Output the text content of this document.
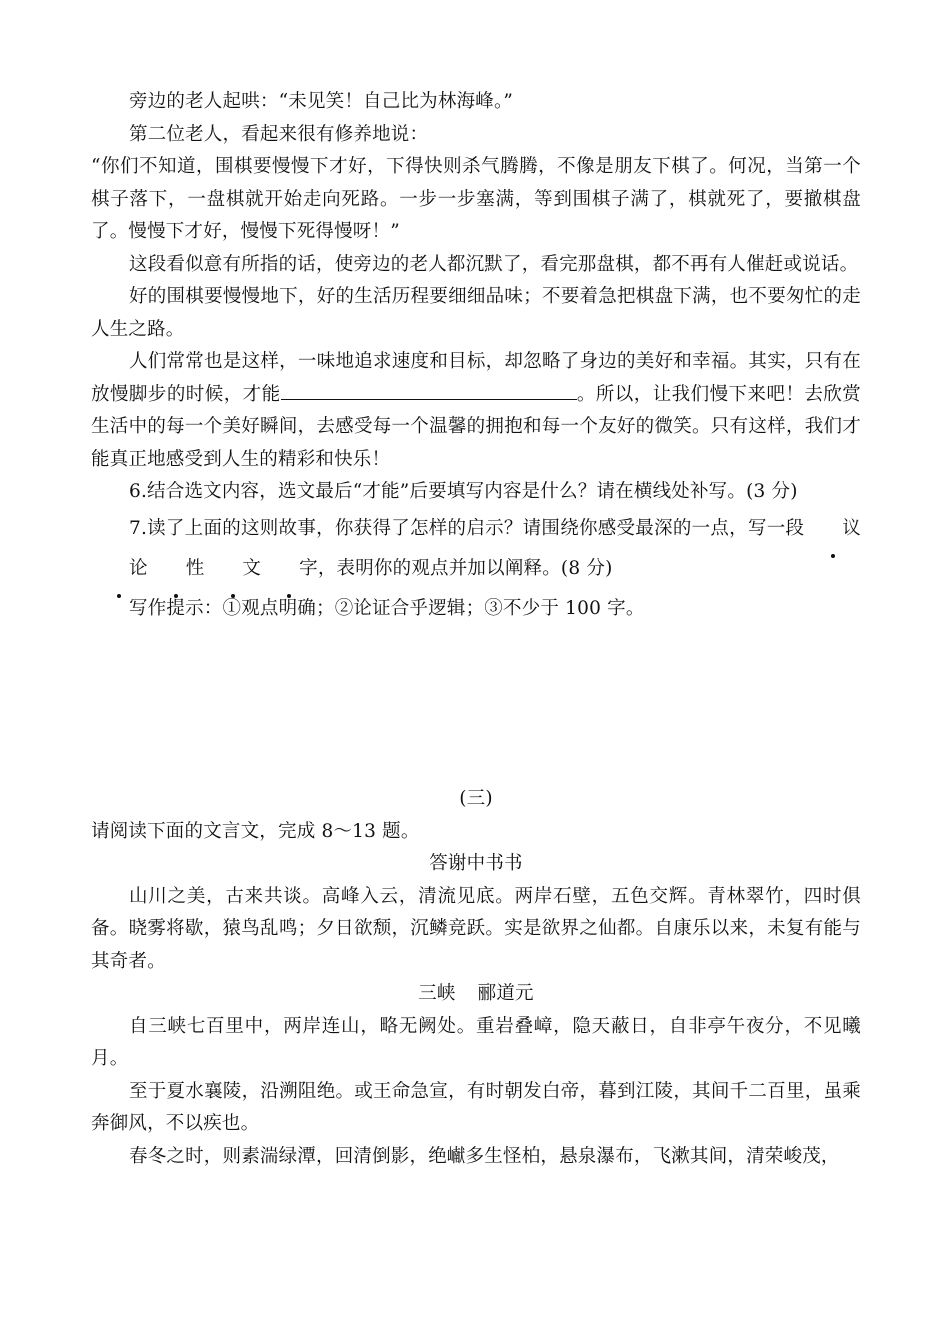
旁边的老人起哄：“未见笑！自己比为林海峰。”

第二位老人，看起来很有修养地说：

“你们不知道，围棋要慢慢下才好，下得快则杀气腾腾，不像是朋友下棋了。何况，当第一个棋子落下，一盘棋就开始走向死路。一步一步塞满，等到围棋子满了，棋就死了，要撤棋盘了。慢慢下才好，慢慢下死得慢呀！”

这段看似意有所指的话，使旁边的老人都沉默了，看完那盘棋，都不再有人催赶或说话。

好的围棋要慢慢地下，好的生活历程要细细品味；不要着急把棋盘下满，也不要匆忙的走人生之路。

人们常常也是这样，一味地追求速度和目标，却忽略了身边的美好和幸福。其实，只有在放慢脚步的时候，才能	。所以，让我们慢下来吧！去欣赏生活中的每一个美好瞬间，去感受每一个温馨的拥抱和每一个友好的微笑。只有这样，我们才能真正地感受到人生的精彩和快乐！

6.结合选文内容，选文最后“才能”后要填写内容是什么？请在横线处补写。(3 分)

7.读了上面的这则故事，你获得了怎样的启示？请围绕你感受最深的一点，写一段 议论 性 文 字，表明你的观点并加以阐释。(8 分)

写作提示：①观点明确；②论证合乎逻辑；③不少于 100 字。

(三)

请阅读下面的文言文，完成 8～13 题。

答谢中书书

山川之美，古来共谈。高峰入云，清流见底。两岸石壁，五色交辉。青林翠竹，四时俱备。晓雾将歇，猿鸟乱鸣；夕日欲颓，沉鳞竞跃。实是欲界之仙都。自康乐以来，未复有能与其奇者。

三峡 郦道元

自三峡七百里中，两岸连山，略无阙处。重岩叠嶂，隐天蔽日，自非亭午夜分，不见曦月。

至于夏水襄陵，沿溯阻绝。或王命急宣，有时朝发白帝，暮到江陵，其间千二百里，虽乘奔御风，不以疾也。

春冬之时，则素湍绿潭，回清倒影，绝𪩘多生怪柏，悬泉瀑布，飞漱其间，清荣峻茂，
